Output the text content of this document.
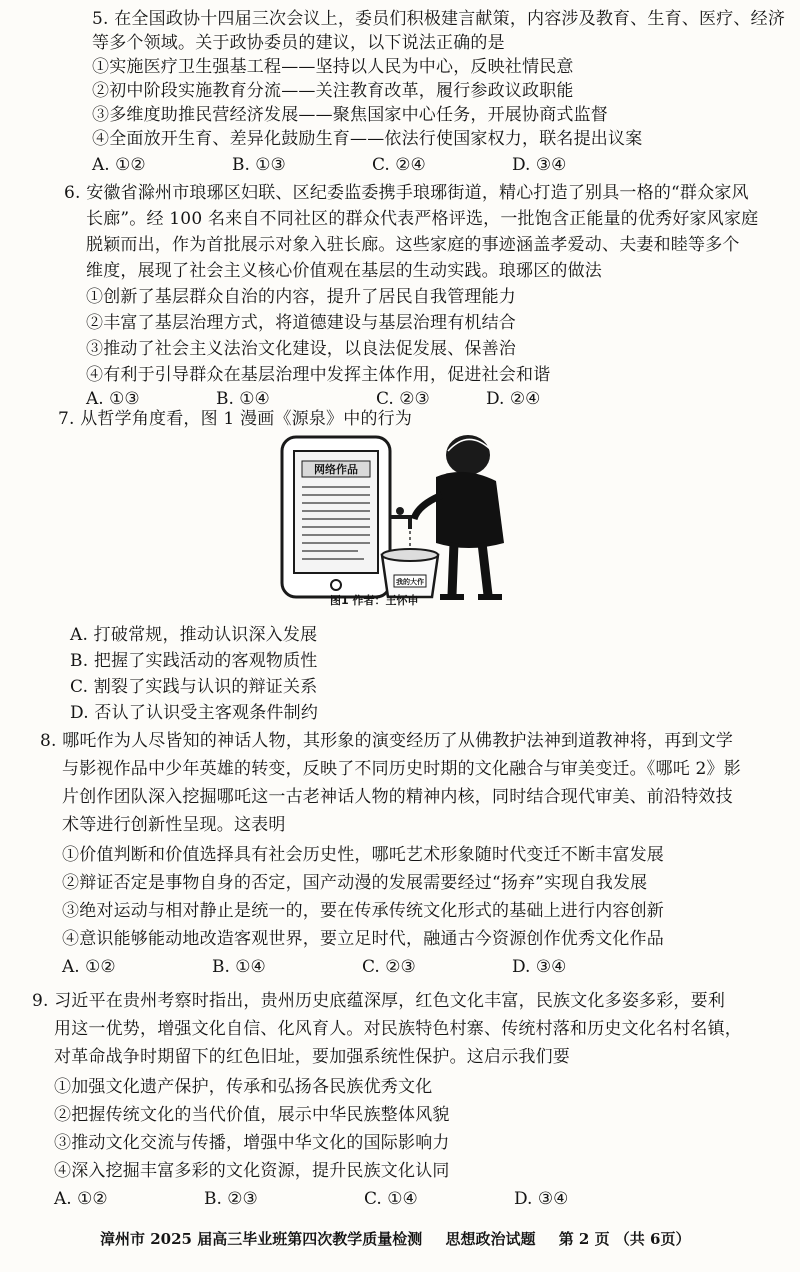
5. 在全国政协十四届三次会议上，委员们积极建言献策，内容涉及教育、生育、医疗、经济
等多个领域。关于政协委员的建议，以下说法正确的是
①实施医疗卫生强基工程——坚持以人民为中心，反映社情民意
②初中阶段实施教育分流——关注教育改革，履行参政议政职能
③多维度助推民营经济发展——聚焦国家中心任务，开展协商式监督
④全面放开生育、差异化鼓励生育——依法行使国家权力，联名提出议案
A. ①②	B. ①③	C. ②④	D. ③④
6. 安徽省滁州市琅琊区妇联、区纪委监委携手琅琊街道，精心打造了别具一格的“群众家风
长廊”。经 100 名来自不同社区的群众代表严格评选，一批饱含正能量的优秀好家风家庭
脱颖而出，作为首批展示对象入驻长廊。这些家庭的事迹涵盖孝爱动、夫妻和睦等多个
维度，展现了社会主义核心价值观在基层的生动实践。琅琊区的做法
①创新了基层群众自治的内容，提升了居民自我管理能力
②丰富了基层治理方式，将道德建设与基层治理有机结合
③推动了社会主义法治文化建设，以良法促发展、保善治
④有利于引导群众在基层治理中发挥主体作用，促进社会和谐
A. ①③	B. ①④	C. ②③	D. ②④
7. 从哲学角度看，图 1 漫画《源泉》中的行为
网络作品
我的大作
图1 作者：王怀申
A. 打破常规，推动认识深入发展
B. 把握了实践活动的客观物质性
C. 割裂了实践与认识的辩证关系
D. 否认了认识受主客观条件制约
8. 哪吒作为人尽皆知的神话人物，其形象的演变经历了从佛教护法神到道教神将，再到文学
与影视作品中少年英雄的转变，反映了不同历史时期的文化融合与审美变迁。《哪吒 2》影
片创作团队深入挖掘哪吒这一古老神话人物的精神内核，同时结合现代审美、前沿特效技
术等进行创新性呈现。这表明
①价值判断和价值选择具有社会历史性，哪吒艺术形象随时代变迁不断丰富发展
②辩证否定是事物自身的否定，国产动漫的发展需要经过“扬弃”实现自我发展
③绝对运动与相对静止是统一的，要在传承传统文化形式的基础上进行内容创新
④意识能够能动地改造客观世界，要立足时代，融通古今资源创作优秀文化作品
A. ①②	B. ①④	C. ②③	D. ③④
9. 习近平在贵州考察时指出，贵州历史底蕴深厚，红色文化丰富，民族文化多姿多彩，要利
用这一优势，增强文化自信、化风育人。对民族特色村寨、传统村落和历史文化名村名镇，
对革命战争时期留下的红色旧址，要加强系统性保护。这启示我们要
①加强文化遗产保护，传承和弘扬各民族优秀文化
②把握传统文化的当代价值，展示中华民族整体风貌
③推动文化交流与传播，增强中华文化的国际影响力
④深入挖掘丰富多彩的文化资源，提升民族文化认同
A. ①②	B. ②③	C. ①④	D. ③④
漳州市 2025 届高三毕业班第四次教学质量检测 思想政治试题 第 2 页 （共 6页）
